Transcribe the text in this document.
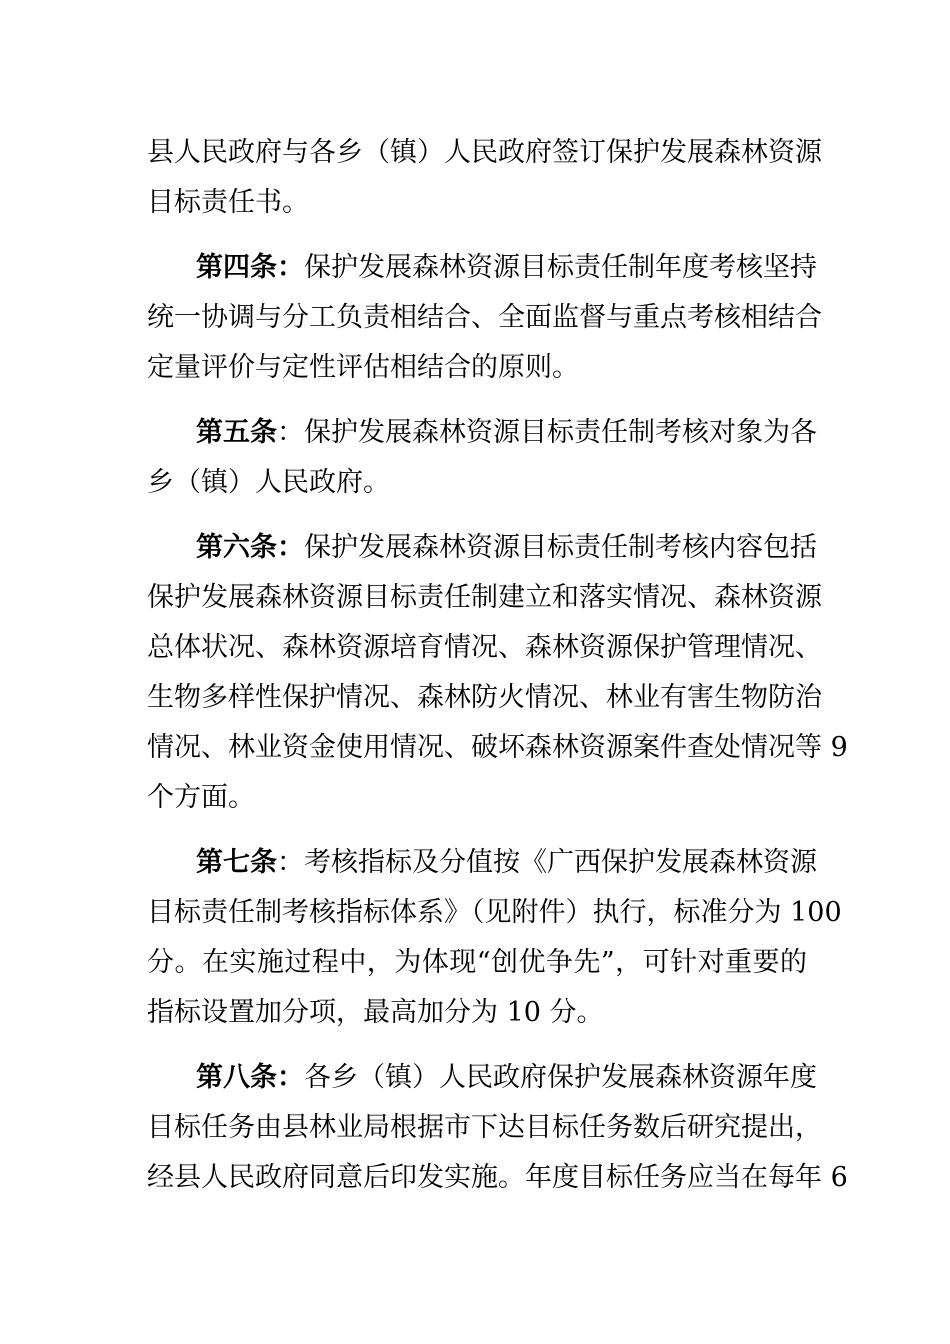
县人民政府与各乡（镇）人民政府签订保护发展森林资源
目标责任书。
第四条：保护发展森林资源目标责任制年度考核坚持
统一协调与分工负责相结合、全面监督与重点考核相结合
定量评价与定性评估相结合的原则。
第五条：保护发展森林资源目标责任制考核对象为各
乡（镇）人民政府。
第六条：保护发展森林资源目标责任制考核内容包括
保护发展森林资源目标责任制建立和落实情况、森林资源
总体状况、森林资源培育情况、森林资源保护管理情况、
生物多样性保护情况、森林防火情况、林业有害生物防治
情况、林业资金使用情况、破坏森林资源案件查处情况等 9
个方面。
第七条：考核指标及分值按《广西保护发展森林资源
目标责任制考核指标体系》（见附件）执行，标准分为 100
分。在实施过程中，为体现“创优争先”，可针对重要的
指标设置加分项，最高加分为 10 分。
第八条：各乡（镇）人民政府保护发展森林资源年度
目标任务由县林业局根据市下达目标任务数后研究提出，
经县人民政府同意后印发实施。年度目标任务应当在每年 6
